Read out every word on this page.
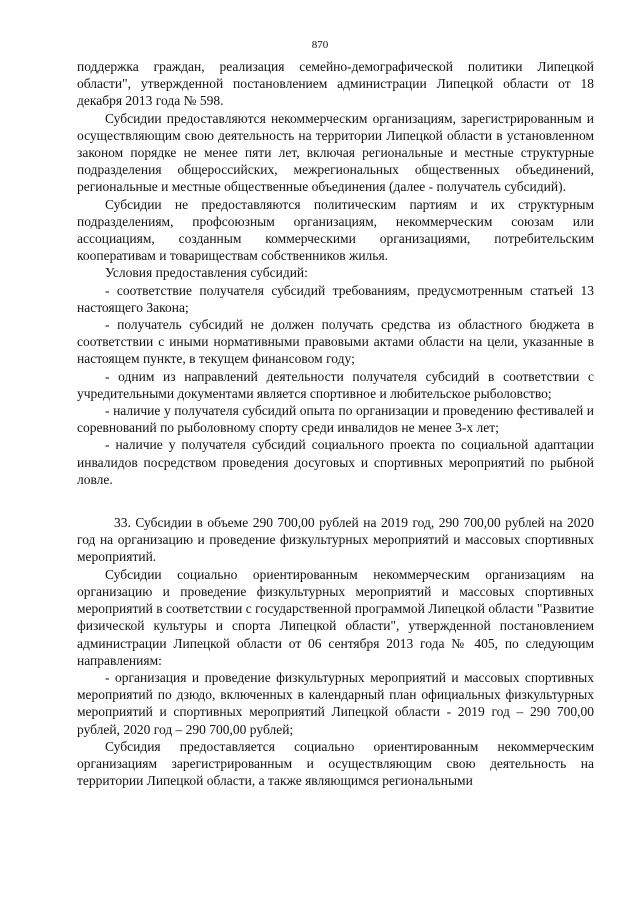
870

поддержка граждан, реализация семейно-демографической политики Липецкой области", утвержденной постановлением администрации Липецкой области от 18 декабря 2013 года № 598.

Субсидии предоставляются некоммерческим организациям, зарегистрированным и осуществляющим свою деятельность на территории Липецкой области в установленном законом порядке не менее пяти лет, включая региональные и местные структурные подразделения общероссийских, межрегиональных общественных объединений, региональные и местные общественные объединения (далее - получатель субсидий).

Субсидии не предоставляются политическим партиям и их структурным подразделениям, профсоюзным организациям, некоммерческим союзам или ассоциациям, созданным коммерческими организациями, потребительским кооперативам и товариществам собственников жилья.

Условия предоставления субсидий:

- соответствие получателя субсидий требованиям, предусмотренным статьей 13 настоящего Закона;

- получатель субсидий не должен получать средства из областного бюджета в соответствии с иными нормативными правовыми актами области на цели, указанные в настоящем пункте, в текущем финансовом году;

- одним из направлений деятельности получателя субсидий в соответствии с учредительными документами является спортивное и любительское рыболовство;

- наличие у получателя субсидий опыта по организации и проведению фестивалей и соревнований по рыболовному спорту среди инвалидов не менее 3-х лет;

- наличие у получателя субсидий социального проекта по социальной адаптации инвалидов посредством проведения досуговых и спортивных мероприятий по рыбной ловле.

33. Субсидии в объеме 290 700,00 рублей на 2019 год, 290 700,00 рублей на 2020 год на организацию и проведение физкультурных мероприятий и массовых спортивных мероприятий.

Субсидии социально ориентированным некоммерческим организациям на организацию и проведение физкультурных мероприятий и массовых спортивных мероприятий в соответствии с государственной программой Липецкой области "Развитие физической культуры и спорта Липецкой области", утвержденной постановлением администрации Липецкой области от 06 сентября 2013 года № 405, по следующим направлениям:

- организация и проведение физкультурных мероприятий и массовых спортивных мероприятий по дзюдо, включенных в календарный план официальных физкультурных мероприятий и спортивных мероприятий Липецкой области - 2019 год – 290 700,00 рублей, 2020 год – 290 700,00 рублей;

Субсидия предоставляется социально ориентированным некоммерческим организациям зарегистрированным и осуществляющим свою деятельность на территории Липецкой области, а также являющимся региональными
